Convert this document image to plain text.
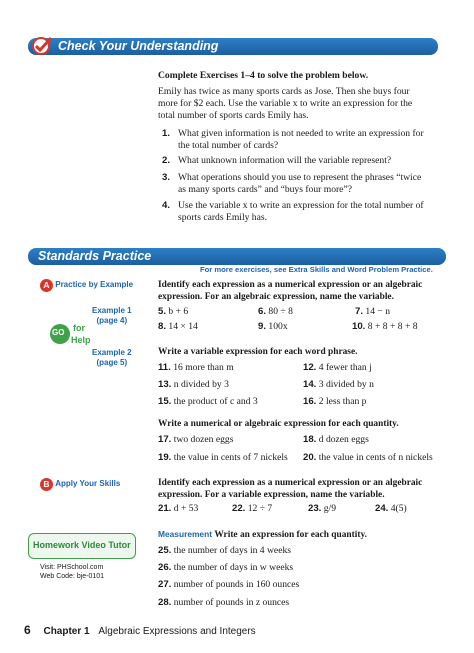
Check Your Understanding
Complete Exercises 1–4 to solve the problem below.
Emily has twice as many sports cards as Jose. Then she buys four
more for $2 each. Use the variable x to write an expression for the
total number of sports cards Emily has.
1. What given information is not needed to write an expression for
the total number of cards?
2. What unknown information will the variable represent?
3. What operations should you use to represent the phrases “twice
as many sports cards” and “buys four more”?
4. Use the variable x to write an expression for the total number of
sports cards Emily has.
Standards Practice
For more exercises, see Extra Skills and Word Problem Practice.
A Practice by Example
Example 1
(page 4)
GO for
Help
Example 2
(page 5)
B Apply Your Skills
Homework Video Tutor
Visit: PHSchool.com
Web Code: bje-0101
Identify each expression as a numerical expression or an algebraic
expression. For an algebraic expression, name the variable.
5. b + 6	6. 80 ÷ 8	7. 14 − n
8. 14 × 14	9. 100x	10. 8 + 8 + 8 + 8
Write a variable expression for each word phrase.
11. 16 more than m	12. 4 fewer than j
13. n divided by 3	14. 3 divided by n
15. the product of c and 3	16. 2 less than p
Write a numerical or algebraic expression for each quantity.
17. two dozen eggs	18. d dozen eggs
19. the value in cents of 7 nickels 20. the value in cents of n nickels
Identify each expression as a numerical expression or an algebraic
expression. For a variable expression, name the variable.
21. d + 53	22. 12 ÷ 7	23. g/9	24. 4(5)
Measurement Write an expression for each quantity.
25. the number of days in 4 weeks
26. the number of days in w weeks
27. number of pounds in 160 ounces
28. number of pounds in z ounces
6 Chapter 1 Algebraic Expressions and Integers
